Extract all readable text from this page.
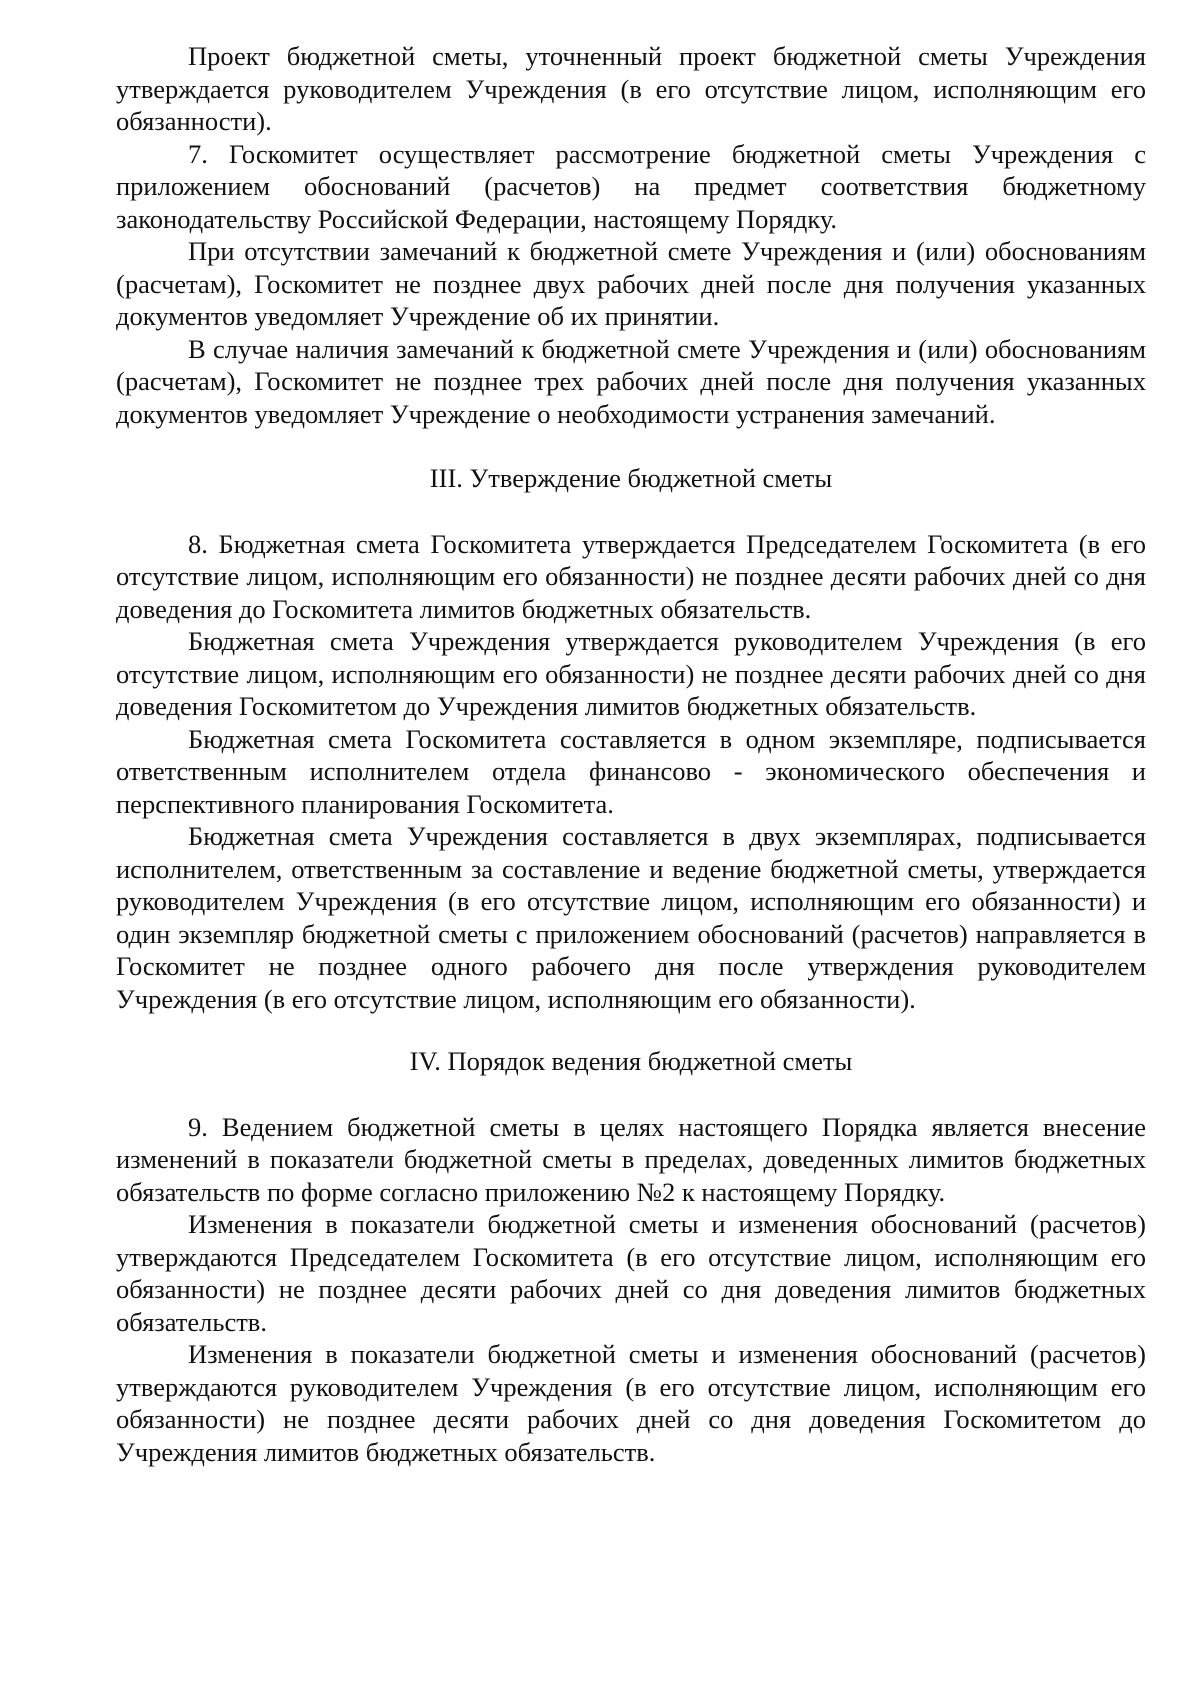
Проект бюджетной сметы, уточненный проект бюджетной сметы Учреждения утверждается руководителем Учреждения (в его отсутствие лицом, исполняющим его обязанности).

7. Госкомитет осуществляет рассмотрение бюджетной сметы Учреждения с приложением обоснований (расчетов) на предмет соответствия бюджетному законодательству Российской Федерации, настоящему Порядку.

При отсутствии замечаний к бюджетной смете Учреждения и (или) обоснованиям (расчетам), Госкомитет не позднее двух рабочих дней после дня получения указанных документов уведомляет Учреждение об их принятии.

В случае наличия замечаний к бюджетной смете Учреждения и (или) обоснованиям (расчетам), Госкомитет не позднее трех рабочих дней после дня получения указанных документов уведомляет Учреждение о необходимости устранения замечаний.

III. Утверждение бюджетной сметы

8. Бюджетная смета Госкомитета утверждается Председателем Госкомитета (в его отсутствие лицом, исполняющим его обязанности) не позднее десяти рабочих дней со дня доведения до Госкомитета лимитов бюджетных обязательств.

Бюджетная смета Учреждения утверждается руководителем Учреждения (в его отсутствие лицом, исполняющим его обязанности) не позднее десяти рабочих дней со дня доведения Госкомитетом до Учреждения лимитов бюджетных обязательств.

Бюджетная смета Госкомитета составляется в одном экземпляре, подписывается ответственным исполнителем отдела финансово - экономического обеспечения и перспективного планирования Госкомитета.

Бюджетная смета Учреждения составляется в двух экземплярах, подписывается исполнителем, ответственным за составление и ведение бюджетной сметы, утверждается руководителем Учреждения (в его отсутствие лицом, исполняющим его обязанности) и один экземпляр бюджетной сметы с приложением обоснований (расчетов) направляется в Госкомитет не позднее одного рабочего дня после утверждения руководителем Учреждения (в его отсутствие лицом, исполняющим его обязанности).

IV. Порядок ведения бюджетной сметы

9. Ведением бюджетной сметы в целях настоящего Порядка является внесение изменений в показатели бюджетной сметы в пределах, доведенных лимитов бюджетных обязательств по форме согласно приложению №2 к настоящему Порядку.

Изменения в показатели бюджетной сметы и изменения обоснований (расчетов) утверждаются Председателем Госкомитета (в его отсутствие лицом, исполняющим его обязанности) не позднее десяти рабочих дней со дня доведения лимитов бюджетных обязательств.

Изменения в показатели бюджетной сметы и изменения обоснований (расчетов) утверждаются руководителем Учреждения (в его отсутствие лицом, исполняющим его обязанности) не позднее десяти рабочих дней со дня доведения Госкомитетом до Учреждения лимитов бюджетных обязательств.
